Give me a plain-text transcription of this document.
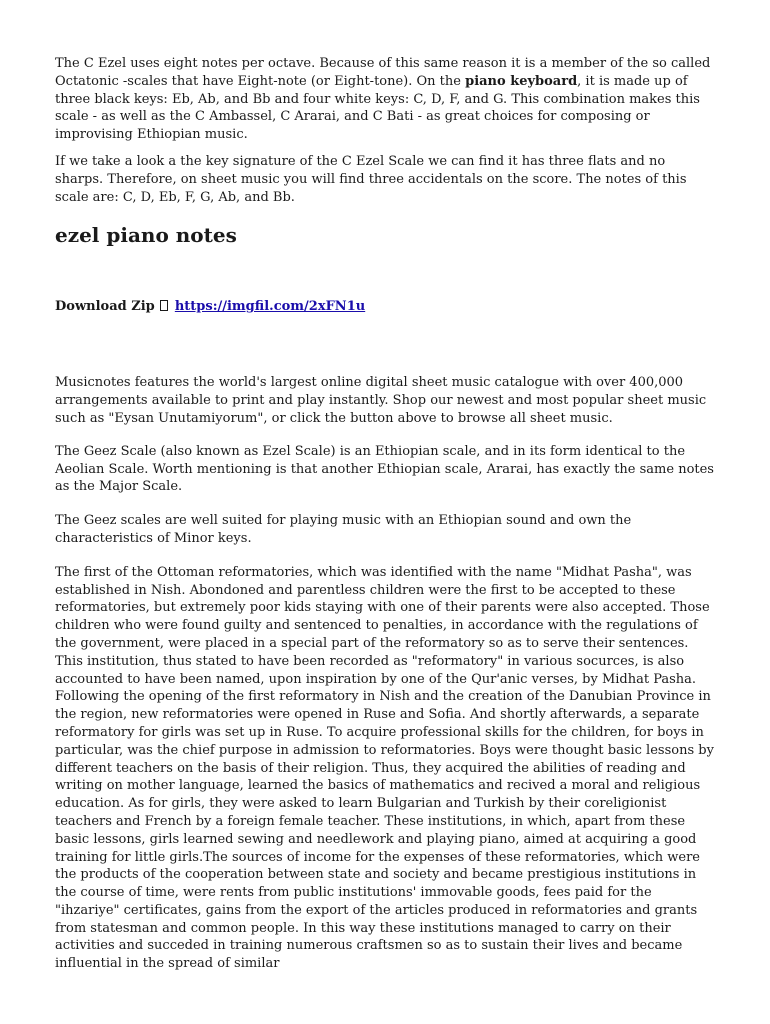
The C Ezel uses eight notes per octave. Because of this same reason it is a member of the so called Octatonic -scales that have Eight-note (or Eight-tone). On the piano keyboard, it is made up of three black keys: Eb, Ab, and Bb and four white keys: C, D, F, and G. This combination makes this scale - as well as the C Ambassel, C Ararai, and C Bati - as great choices for composing or improvising Ethiopian music.

If we take a look a the key signature of the C Ezel Scale we can find it has three flats and no sharps. Therefore, on sheet music you will find three accidentals on the score. The notes of this scale are: C, D, Eb, F, G, Ab, and Bb.

ezel piano notes
Download Zip https://imgfil.com/2xFN1u

Musicnotes features the world's largest online digital sheet music catalogue with over 400,000 arrangements available to print and play instantly. Shop our newest and most popular sheet music such as "Eysan Unutamiyorum", or click the button above to browse all sheet music.

The Geez Scale (also known as Ezel Scale) is an Ethiopian scale, and in its form identical to the Aeolian Scale. Worth mentioning is that another Ethiopian scale, Ararai, has exactly the same notes as the Major Scale.

The Geez scales are well suited for playing music with an Ethiopian sound and own the characteristics of Minor keys.

The first of the Ottoman reformatories, which was identified with the name "Midhat Pasha", was established in Nish. Abondoned and parentless children were the first to be accepted to these reformatories, but extremely poor kids staying with one of their parents were also accepted. Those children who were found guilty and sentenced to penalties, in accordance with the regulations of the government, were placed in a special part of the reformatory so as to serve their sentences. This institution, thus stated to have been recorded as "reformatory" in various socurces, is also accounted to have been named, upon inspiration by one of the Qur'anic verses, by Midhat Pasha. Following the opening of the first reformatory in Nish and the creation of the Danubian Province in the region, new reformatories were opened in Ruse and Sofia. And shortly afterwards, a separate reformatory for girls was set up in Ruse. To acquire professional skills for the children, for boys in particular, was the chief purpose in admission to reformatories. Boys were thought basic lessons by different teachers on the basis of their religion. Thus, they acquired the abilities of reading and writing on mother language, learned the basics of mathematics and recived a moral and religious education. As for girls, they were asked to learn Bulgarian and Turkish by their coreligionist teachers and French by a foreign female teacher. These institutions, in which, apart from these basic lessons, girls learned sewing and needlework and playing piano, aimed at acquiring a good training for little girls.The sources of income for the expenses of these reformatories, which were the products of the cooperation between state and society and became prestigious institutions in the course of time, were rents from public institutions' immovable goods, fees paid for the "ihzariye" certificates, gains from the export of the articles produced in reformatories and grants from statesman and common people. In this way these institutions managed to carry on their activities and succeded in training numerous craftsmen so as to sustain their lives and became influential in the spread of similar
